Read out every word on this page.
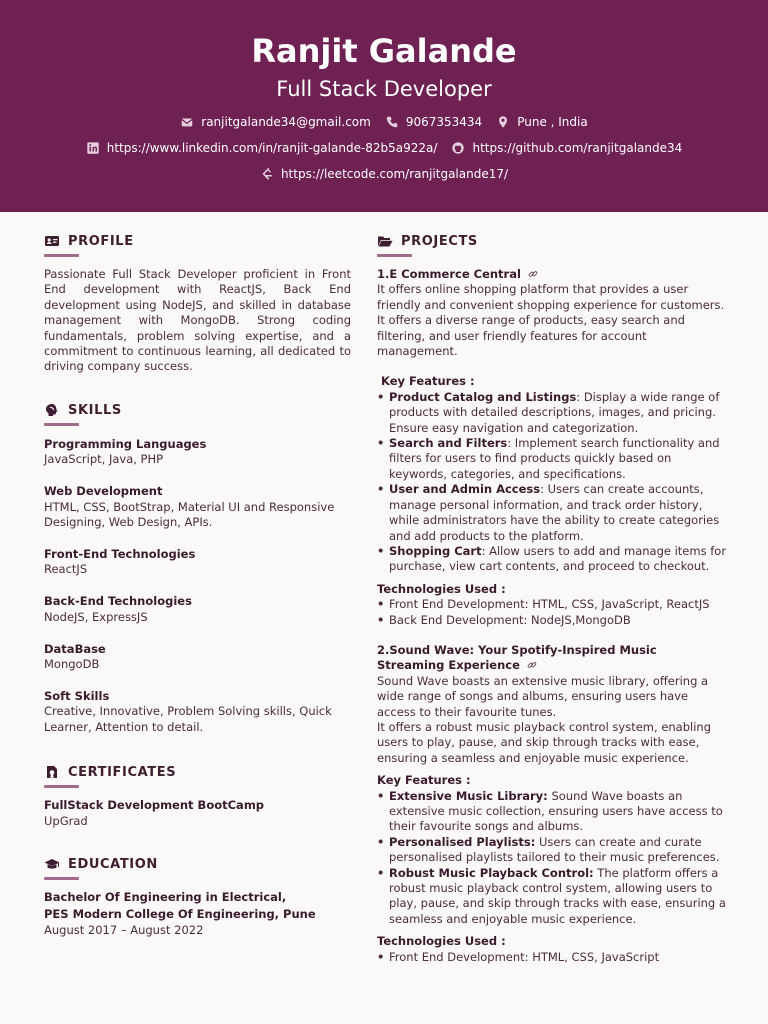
Ranjit Galande
Full Stack Developer
ranjitgalande34@gmail.com	9067353434	Pune , India
https://www.linkedin.com/in/ranjit-galande-82b5a922a/	https://github.com/ranjitgalande34
https://leetcode.com/ranjitgalande17/
PROFILE
Passionate Full Stack Developer proficient in Front End development with ReactJS, Back End development using NodeJS, and skilled in database management with MongoDB. Strong coding fundamentals, problem solving expertise, and a commitment to continuous learning, all dedicated to driving company success.
SKILLS
Programming Languages
JavaScript, Java, PHP
Web Development
HTML, CSS, BootStrap, Material UI and Responsive Designing, Web Design, APIs.
Front-End Technologies
ReactJS
Back-End Technologies
NodeJS, ExpressJS
DataBase
MongoDB
Soft Skills
Creative, Innovative, Problem Solving skills, Quick Learner, Attention to detail.
CERTIFICATES
FullStack Development BootCamp
UpGrad
EDUCATION
Bachelor Of Engineering in Electrical,
PES Modern College Of Engineering, Pune
August 2017 – August 2022
PROJECTS
1.E Commerce Central
It offers online shopping platform that provides a user friendly and convenient shopping experience for customers.
It offers a diverse range of products, easy search and filtering, and user friendly features for account management.
Key Features :
• Product Catalog and Listings: Display a wide range of products with detailed descriptions, images, and pricing. Ensure easy navigation and categorization.
• Search and Filters: Implement search functionality and filters for users to find products quickly based on keywords, categories, and specifications.
• User and Admin Access: Users can create accounts, manage personal information, and track order history, while administrators have the ability to create categories and add products to the platform.
• Shopping Cart: Allow users to add and manage items for purchase, view cart contents, and proceed to checkout.
Technologies Used :
• Front End Development: HTML, CSS, JavaScript, ReactJS
• Back End Development: NodeJS,MongoDB
2.Sound Wave: Your Spotify-Inspired Music Streaming Experience
Sound Wave boasts an extensive music library, offering a wide range of songs and albums, ensuring users have access to their favourite tunes.
It offers a robust music playback control system, enabling users to play, pause, and skip through tracks with ease, ensuring a seamless and enjoyable music experience.
Key Features :
• Extensive Music Library: Sound Wave boasts an extensive music collection, ensuring users have access to their favourite songs and albums.
• Personalised Playlists: Users can create and curate personalised playlists tailored to their music preferences.
• Robust Music Playback Control: The platform offers a robust music playback control system, allowing users to play, pause, and skip through tracks with ease, ensuring a seamless and enjoyable music experience.
Technologies Used :
• Front End Development: HTML, CSS, JavaScript
